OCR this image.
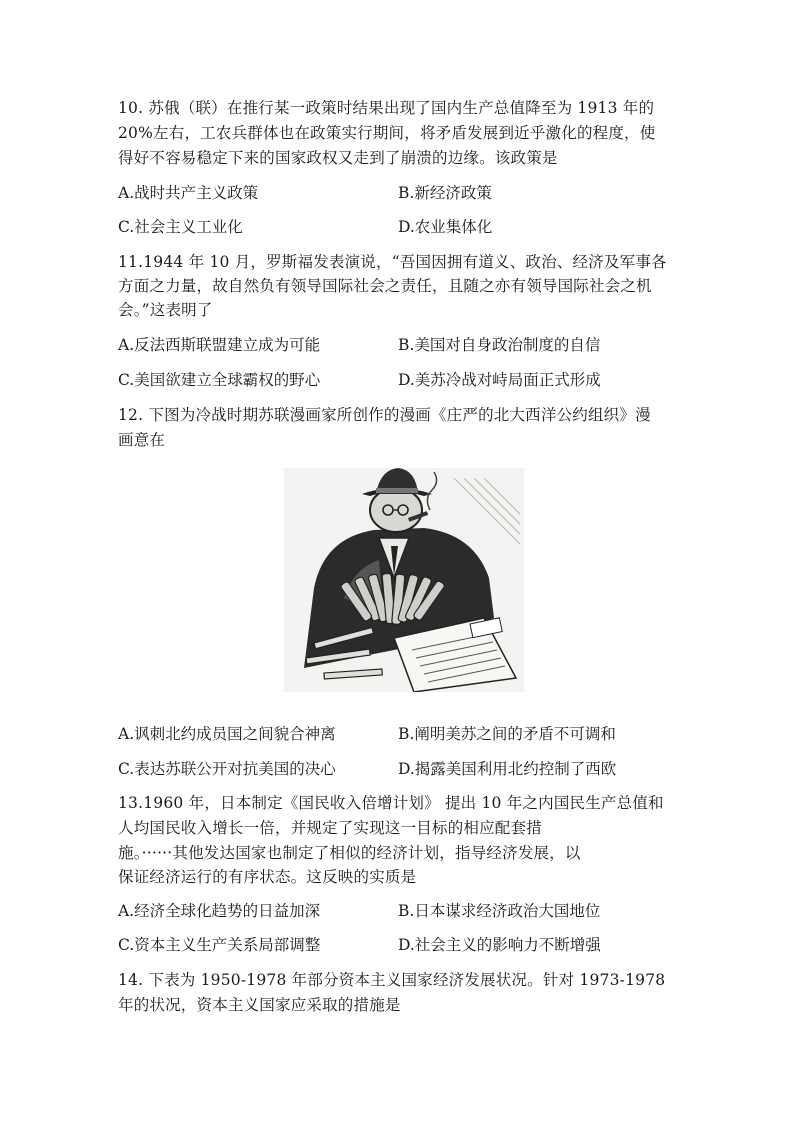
10. 苏俄（联）在推行某一政策时结果出现了国内生产总值降至为 1913 年的
20%左右，工农兵群体也在政策实行期间，将矛盾发展到近乎激化的程度，使
得好不容易稳定下来的国家政权又走到了崩溃的边缘。该政策是
A.战时共产主义政策	B.新经济政策
C.社会主义工业化	D.农业集体化
11.1944 年 10 月，罗斯福发表演说，“吾国因拥有道义、政治、经济及军事各
方面之力量，故自然负有领导国际社会之责任，且随之亦有领导国际社会之机
会。”这表明了
A.反法西斯联盟建立成为可能	B.美国对自身政治制度的自信
C.美国欲建立全球霸权的野心	D.美苏冷战对峙局面正式形成
12. 下图为冷战时期苏联漫画家所创作的漫画《庄严的北大西洋公约组织》漫
画意在
A.讽刺北约成员国之间貌合神离	B.阐明美苏之间的矛盾不可调和
C.表达苏联公开对抗美国的决心	D.揭露美国利用北约控制了西欧
13.1960 年，日本制定《国民收入倍增计划》 提出 10 年之内国民生产总值和
人均国民收入增长一倍，并规定了实现这一目标的相应配套措
施。······其他发达国家也制定了相似的经济计划，指导经济发展，以
保证经济运行的有序状态。这反映的实质是
A.经济全球化趋势的日益加深	B.日本谋求经济政治大国地位
C.资本主义生产关系局部调整	D.社会主义的影响力不断增强
14. 下表为 1950-1978 年部分资本主义国家经济发展状况。针对 1973-1978
年的状况，资本主义国家应采取的措施是
